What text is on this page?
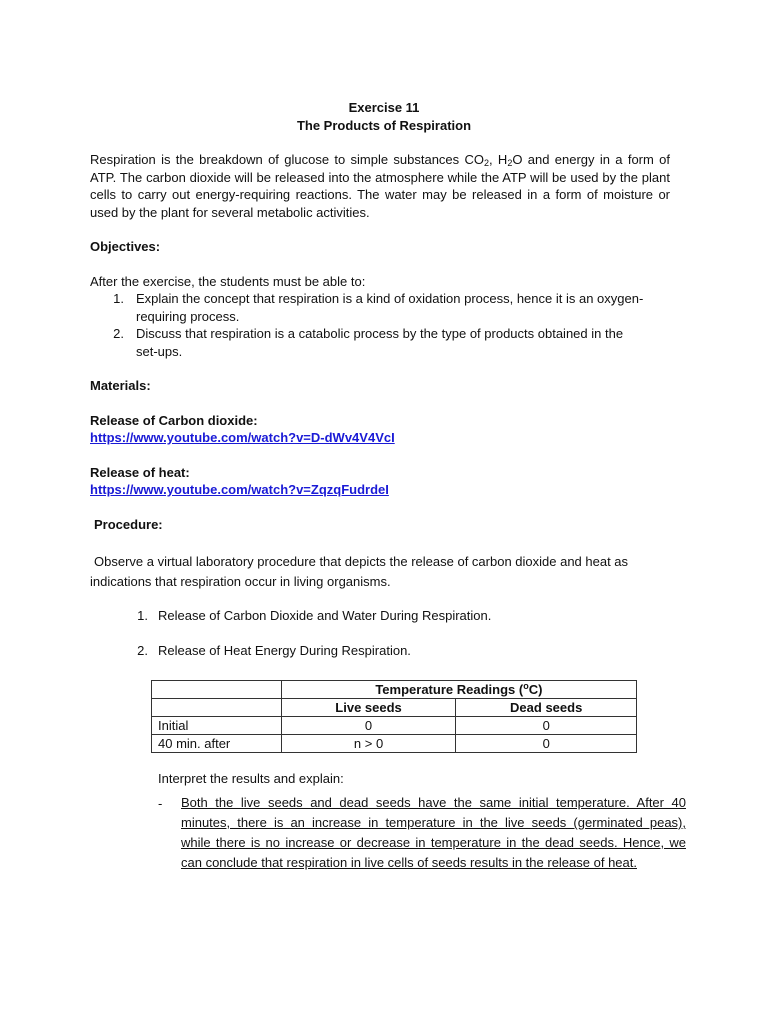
Exercise 11
The Products of Respiration
Respiration is the breakdown of glucose to simple substances $CO_2$, $H_2O$ and energy in a form of
ATP. The carbon dioxide will be released into the atmosphere while the ATP will be used by the plant cells to carry out energy-requiring reactions. The water may be released in a form of moisture or used by the plant for several metabolic activities.
Objectives:
After the exercise, the students must be able to:
1. Explain the concept that respiration is a kind of oxidation process, hence it is an oxygen-
requiring process.
2. Discuss that respiration is a catabolic process by the type of products obtained in the
set-ups.
Materials:
Release of Carbon dioxide:
https://www.youtube.com/watch?v=D-dWv4V4VcI
Release of heat:
https://www.youtube.com/watch?v=ZqzqFudrdeI
Procedure:
Observe a virtual laboratory procedure that depicts the release of carbon dioxide and heat as
indications that respiration occur in living organisms.
1. Release of Carbon Dioxide and Water During Respiration.
2. Release of Heat Energy During Respiration.
	Temperature Readings ($^o$C)	
	Live seeds	Dead seeds
Initial	0	0
40 min. after	n > 0	0
Interpret the results and explain:
- Both the live seeds and dead seeds have the same initial temperature. After 40
minutes, there is an increase in temperature in the live seeds (germinated peas),
while there is no increase or decrease in temperature in the dead seeds. Hence, we
can conclude that respiration in live cells of seeds results in the release of heat.
